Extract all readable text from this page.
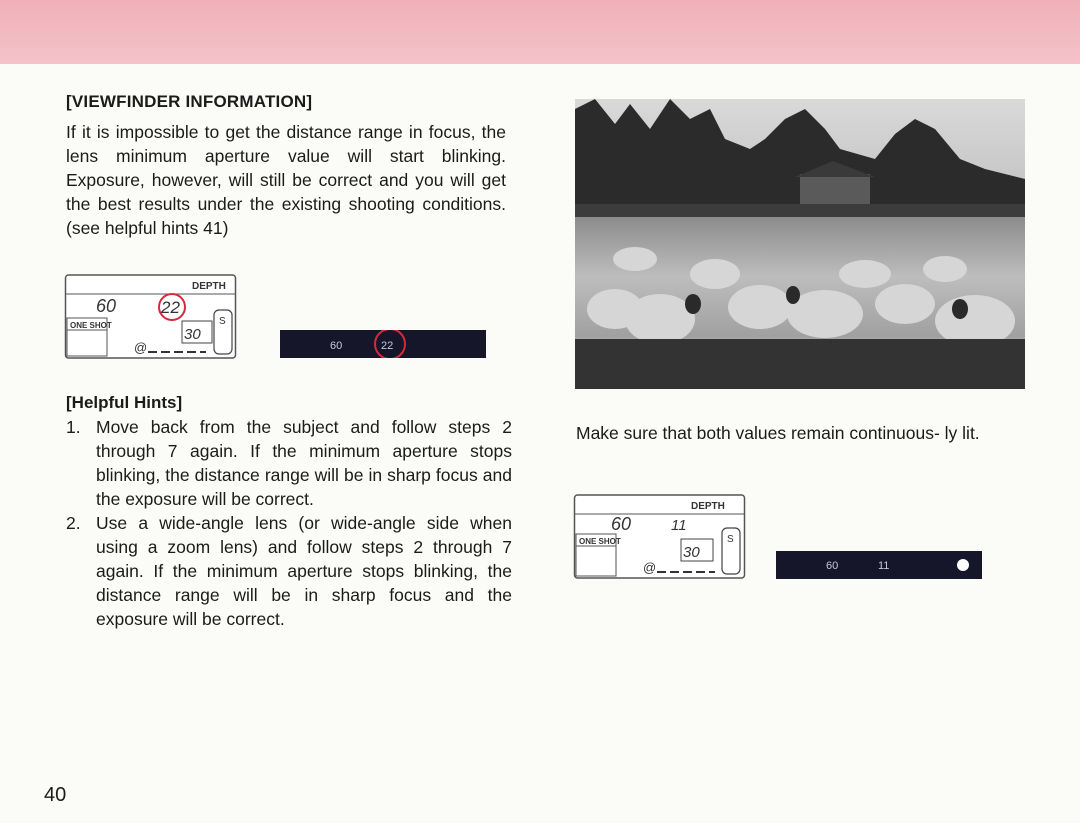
[VIEWFINDER INFORMATION]
If it is impossible to get the distance range in focus, the lens minimum aperture value will start blinking. Exposure, however, will still be correct and you will get the best results under the existing shooting conditions. (see helpful hints 41)
DEPTH
60	22
ONE SHOT
@
30
S
60	22
Make sure that both values remain continuous- ly lit.
DEPTH
60	11
ONE SHOT
@
30
S
60	11
[Helpful Hints]
1. Move back from the subject and follow steps 2 through 7 again. If the minimum aperture stops blinking, the distance range will be in sharp focus and the exposure will be correct.
2. Use a wide-angle lens (or wide-angle side when using a zoom lens) and follow steps 2 through 7 again. If the minimum aperture stops blinking, the distance range will be in sharp focus and the exposure will be correct.
40
